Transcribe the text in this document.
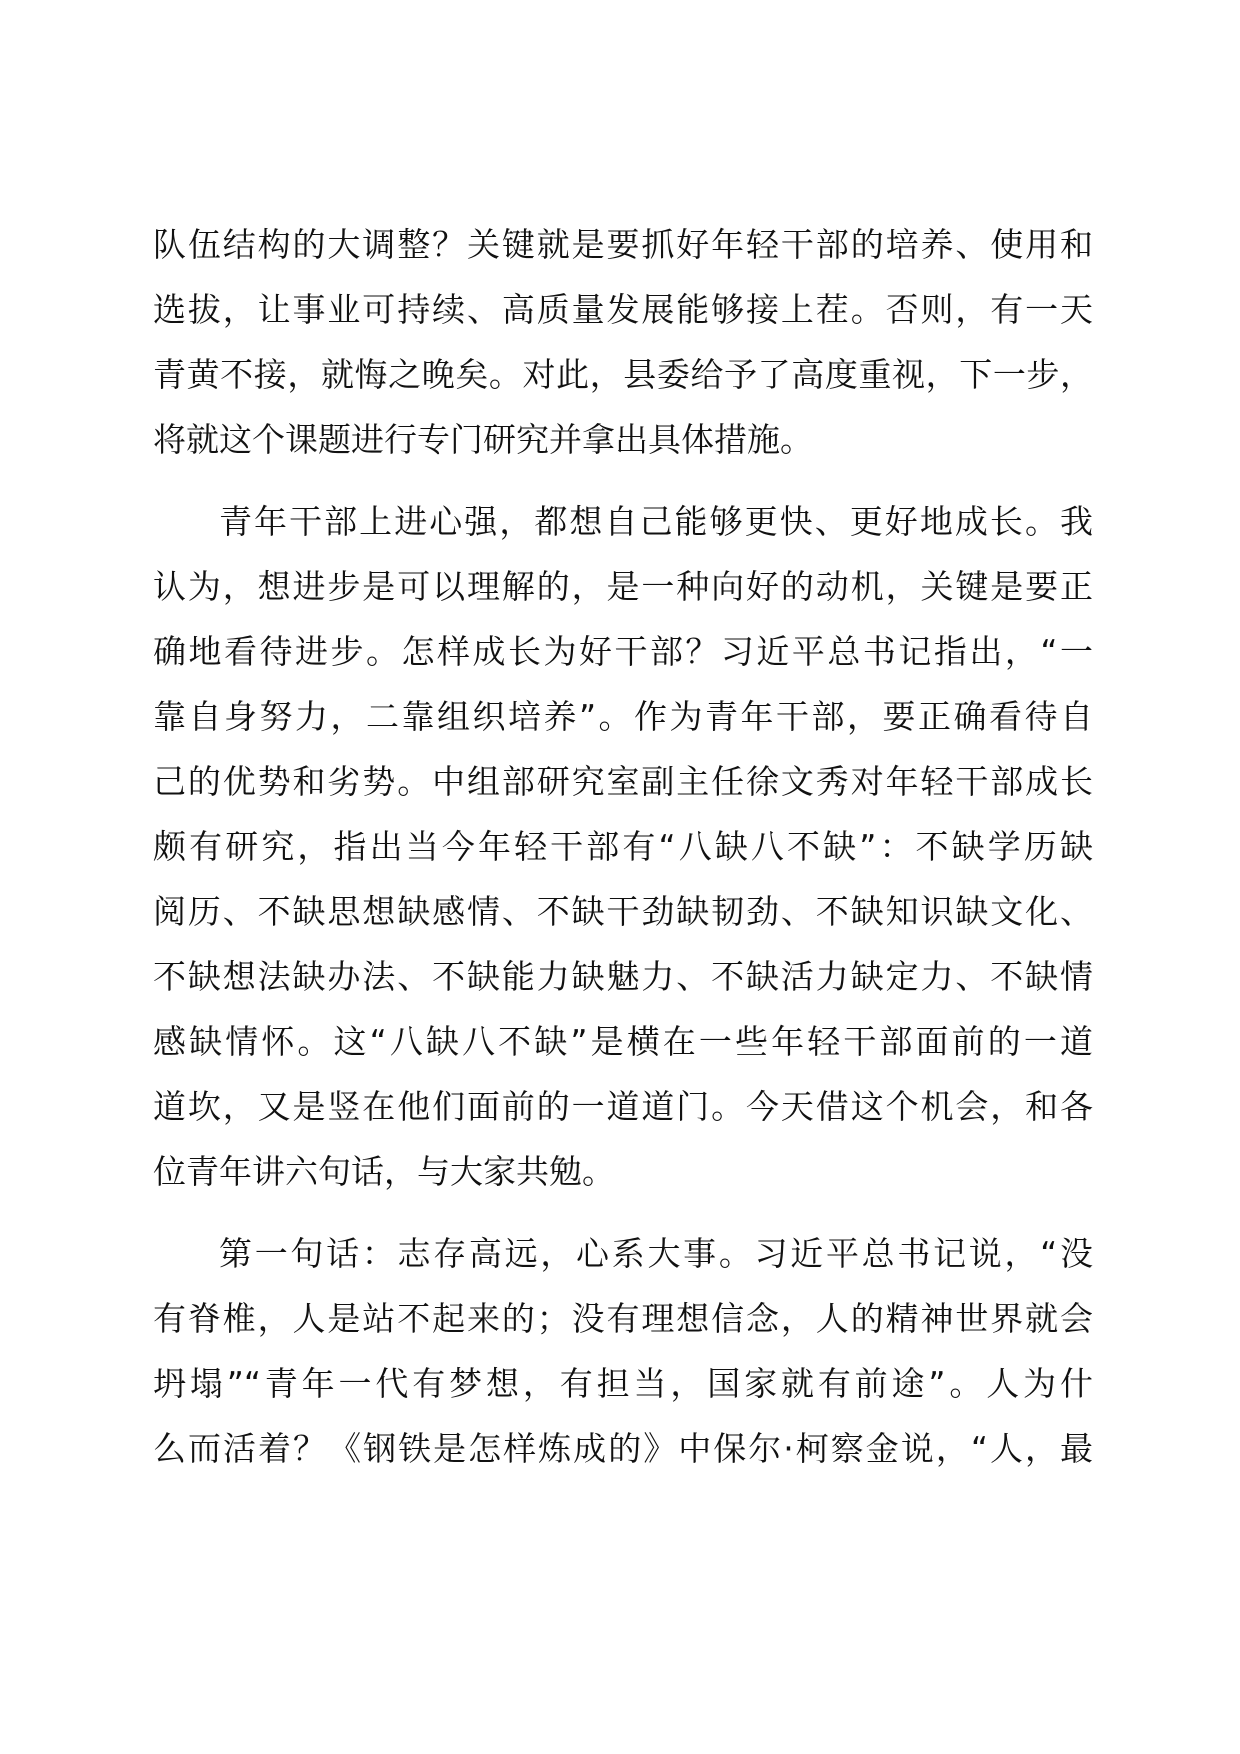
队伍结构的大调整？关键就是要抓好年轻干部的培养、使用和
选拔，让事业可持续、高质量发展能够接上茬。否则，有一天
青黄不接，就悔之晚矣。对此，县委给予了高度重视，下一步，
将就这个课题进行专门研究并拿出具体措施。
青年干部上进心强，都想自己能够更快、更好地成长。我
认为，想进步是可以理解的，是一种向好的动机，关键是要正
确地看待进步。怎样成长为好干部？习近平总书记指出，“一
靠自身努力，二靠组织培养”。作为青年干部，要正确看待自
己的优势和劣势。中组部研究室副主任徐文秀对年轻干部成长
颇有研究，指出当今年轻干部有“八缺八不缺”：不缺学历缺
阅历、不缺思想缺感情、不缺干劲缺韧劲、不缺知识缺文化、
不缺想法缺办法、不缺能力缺魅力、不缺活力缺定力、不缺情
感缺情怀。这“八缺八不缺”是横在一些年轻干部面前的一道
道坎，又是竖在他们面前的一道道门。今天借这个机会，和各
位青年讲六句话，与大家共勉。
第一句话：志存高远，心系大事。习近平总书记说，“没
有脊椎，人是站不起来的；没有理想信念，人的精神世界就会
坍塌”“青年一代有梦想，有担当，国家就有前途”。人为什
么而活着？《钢铁是怎样炼成的》中保尔·柯察金说，“人，最
